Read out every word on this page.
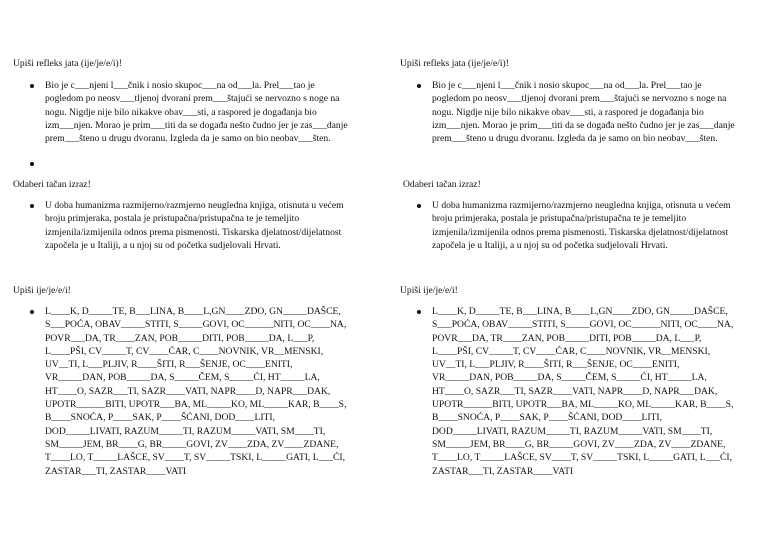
Upiši refleks jata (ije/je/e/i)!
Bio je c___njeni l___čnik i nosio skupoc___na od___la. Prel___tao je
pogledom po neosv___tljenoj dvorani prem___štajući se nervozno s noge na
nogu. Nigdje nije bilo nikakve obav___sti, a raspored je događanja bio
izm___njen. Morao je prim___titi da se događa nešto čudno jer je zas___danje
prem___šteno u drugu dvoranu. Izgleda da je samo on bio neobav___šten.
Odaberi tačan izraz!
U doba humanizma razmijerno/razmjerno neugledna knjiga, otisnuta u većem
broju primjeraka, postala je pristupačna/pristupačna te je temeljito
izmjenila/izmijenila odnos prema pismenosti. Tiskarska djelatnost/dijelatnost
započela je u Italiji, a u njoj su od početka sudjelovali Hrvati.
Upiši ije/je/e/i!
L____K, D_____TE, B___LINA, B____L,GN____ZDO, GN_____DAŠCE,
S___POĆA, OBAV_____STITI, S_____GOVI, OC______NITI, OC____NA,
POVR___DA, TR____ZAN, POB_____DITI, POB_____DA, L___P,
L____PŠI, CV_____T, CV____ĆAR, C____NOVNIK, VR__MENSKI,
UV__TI, L___PLJIV, R____ŠITI, R___ŠENJE, OC____ENITI,
VR_____DAN, POB_____DA, S_____ČEM, S_____ĆI, HT_____LA,
HT____O, SAZR___TI, SAZR____VATI, NAPR____D, NAPR___DAK,
UPOTR______BITI, UPOTR___BA, ML_____KO, ML_____KAR, B____S,
B____SNOĆA, P____SAK, P____ŠĆANI, DOD____LITI,
DOD_____LIVATI, RAZUM_____TI, RAZUM_____VATI, SM____TI,
SM_____JEM, BR____G, BR_____GOVI, ZV____ZDA, ZV____ZDANE,
T____LO, T_____LAŠCE, SV____T, SV_____TSKI, L_____GATI, L___ĆI,
ZASTAR___TI, ZASTAR____VATI
Upiši refleks jata (ije/je/e/i)!
Bio je c___njeni l___čnik i nosio skupoc___na od___la. Prel___tao je
pogledom po neosv___tljenoj dvorani prem___štajući se nervozno s noge na
nogu. Nigdje nije bilo nikakve obav___sti, a raspored je događanja bio
izm___njen. Morao je prim___titi da se događa nešto čudno jer je zas___danje
prem___šteno u drugu dvoranu. Izgleda da je samo on bio neobav___šten.
Odaberi tačan izraz!
U doba humanizma razmijerno/razmjerno neugledna knjiga, otisnuta u većem
broju primjeraka, postala je pristupačna/pristupačna te je temeljito
izmjenila/izmijenila odnos prema pismenosti. Tiskarska djelatnost/dijelatnost
započela je u Italiji, a u njoj su od početka sudjelovali Hrvati.
Upiši ije/je/e/i!
L____K, D_____TE, B___LINA, B____L,GN____ZDO, GN_____DAŠCE,
S___POĆA, OBAV_____STITI, S_____GOVI, OC______NITI, OC____NA,
POVR___DA, TR____ZAN, POB_____DITI, POB_____DA, L___P,
L____PŠI, CV_____T, CV____ĆAR, C____NOVNIK, VR__MENSKI,
UV__TI, L___PLJIV, R____ŠITI, R___ŠENJE, OC____ENITI,
VR_____DAN, POB_____DA, S_____ČEM, S_____ĆI, HT_____LA,
HT____O, SAZR___TI, SAZR____VATI, NAPR____D, NAPR___DAK,
UPOTR______BITI, UPOTR___BA, ML_____KO, ML_____KAR, B____S,
B____SNOĆA, P____SAK, P____ŠĆANI, DOD____LITI,
DOD_____LIVATI, RAZUM_____TI, RAZUM_____VATI, SM____TI,
SM_____JEM, BR____G, BR_____GOVI, ZV____ZDA, ZV____ZDANE,
T____LO, T_____LAŠCE, SV____T, SV_____TSKI, L_____GATI, L___ĆI,
ZASTAR___TI, ZASTAR____VATI
